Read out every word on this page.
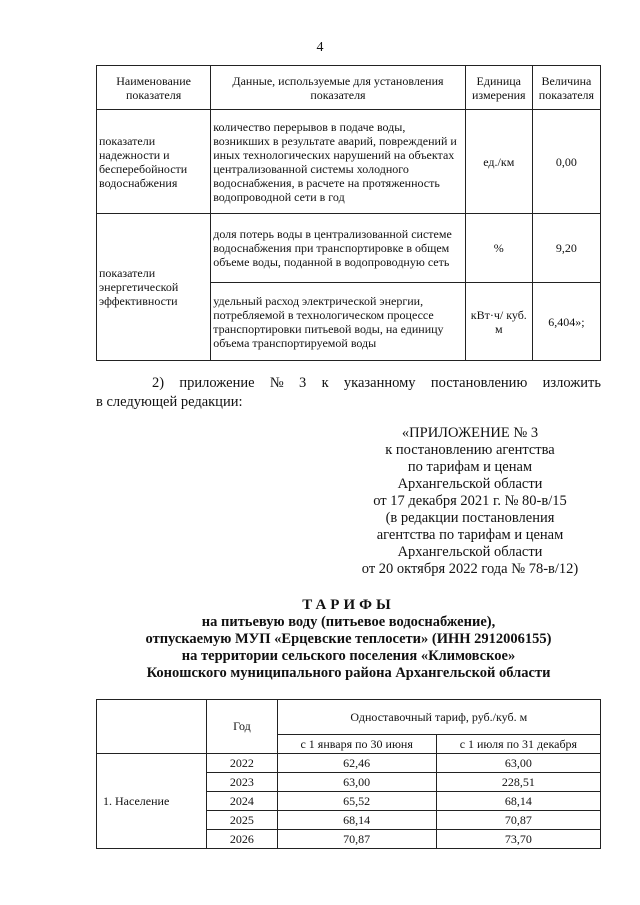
4
Наименование показателя	Данные, используемые для установления показателя	Единица измерения	Величина показателя
показатели надежности и бесперебойности водоснабжения	количество перерывов в подаче воды, возникших в результате аварий, повреждений и иных технологических нарушений на объектах централизованной системы холодного водоснабжения, в расчете на протяженность водопроводной сети в год	ед./км	0,00
показатели энергетической эффективности	доля потерь воды в централизованной системе водоснабжения при транспортировке в общем объеме воды, поданной в водопроводную сеть	%	9,20
	удельный расход электрической энергии, потребляемой в технологическом процессе транспортировки питьевой воды, на единицу объема транспортируемой воды	кВт·ч/ куб. м	6,404»;
2) приложение № 3 к указанному постановлению изложить
в следующей редакции:
«ПРИЛОЖЕНИЕ № 3
к постановлению агентства
по тарифам и ценам
Архангельской области
от 17 декабря 2021 г. № 80-в/15
(в редакции постановления
агентства по тарифам и ценам
Архангельской области
от 20 октября 2022 года № 78-в/12)
ТАРИФЫ
на питьевую воду (питьевое водоснабжение),
отпускаемую МУП «Ерцевские теплосети» (ИНН 2912006155)
на территории сельского поселения «Климовское»
Коношского муниципального района Архангельской области
	Год	Одноставочный тариф, руб./куб. м	
		с 1 января по 30 июня	с 1 июля по 31 декабря
1. Население	2022	62,46	63,00
	2023	63,00	228,51
	2024	65,52	68,14
	2025	68,14	70,87
	2026	70,87	73,70
